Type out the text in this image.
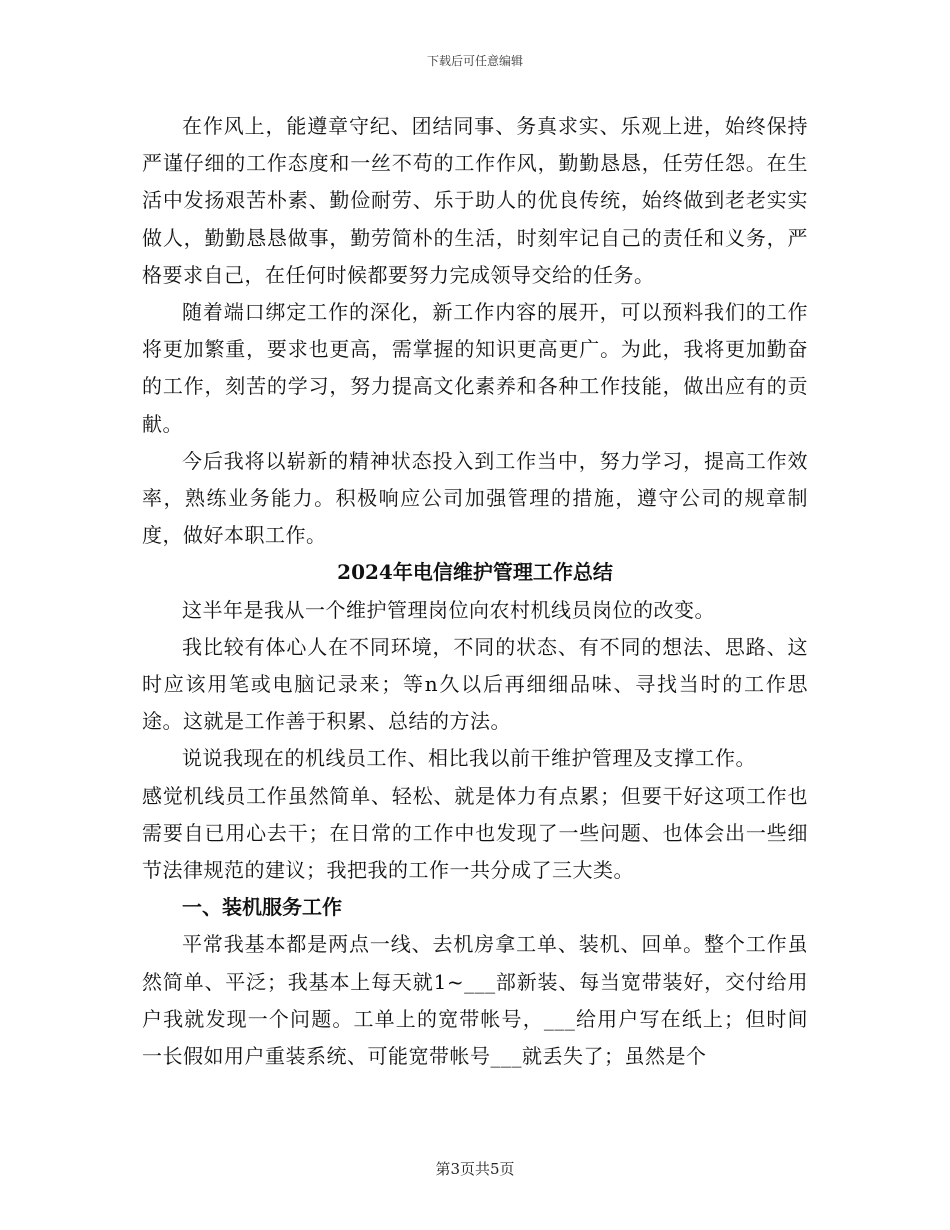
下载后可任意编辑

在作风上，能遵章守纪、团结同事、务真求实、乐观上进，始终保持严谨仔细的工作态度和一丝不苟的工作作风，勤勤恳恳，任劳任怨。在生活中发扬艰苦朴素、勤俭耐劳、乐于助人的优良传统，始终做到老老实实做人，勤勤恳恳做事，勤劳简朴的生活，时刻牢记自己的责任和义务，严格要求自己，在任何时候都要努力完成领导交给的任务。

随着端口绑定工作的深化，新工作内容的展开，可以预料我们的工作将更加繁重，要求也更高，需掌握的知识更高更广。为此，我将更加勤奋的工作，刻苦的学习，努力提高文化素养和各种工作技能，做出应有的贡献。

今后我将以崭新的精神状态投入到工作当中，努力学习，提高工作效率，熟练业务能力。积极响应公司加强管理的措施，遵守公司的规章制度，做好本职工作。

2024年电信维护管理工作总结

这半年是我从一个维护管理岗位向农村机线员岗位的改变。

我比较有体心人在不同环境，不同的状态、有不同的想法、思路、这时应该用笔或电脑记录来；等n久以后再细细品味、寻找当时的工作思途。这就是工作善于积累、总结的方法。

说说我现在的机线员工作、相比我以前干维护管理及支撑工作。

感觉机线员工作虽然简单、轻松、就是体力有点累；但要干好这项工作也需要自已用心去干；在日常的工作中也发现了一些问题、也体会出一些细节法律规范的建议；我把我的工作一共分成了三大类。

一、装机服务工作

平常我基本都是两点一线、去机房拿工单、装机、回单。整个工作虽然简单、平泛；我基本上每天就1~___部新装、每当宽带装好，交付给用户我就发现一个问题。工单上的宽带帐号，___给用户写在纸上；但时间一长假如用户重装系统、可能宽带帐号___就丢失了；虽然是个

第3页共5页
